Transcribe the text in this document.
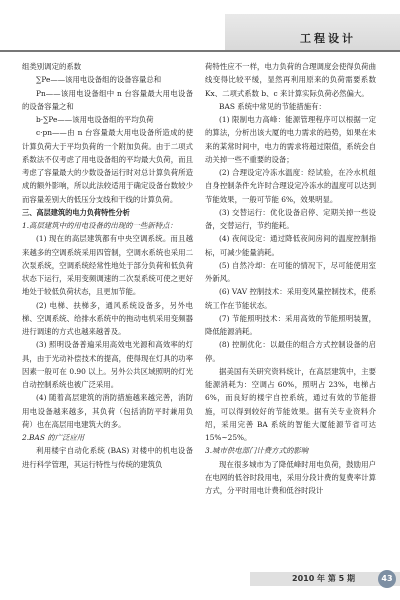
工程设计

组类别调定的系数

∑Pe——该用电设备组的设备容量总和

Pn——该用电设备组中 n 台容量最大用电设备的设备容量之和

b·∑Pe——该用电设备组的平均负荷

c·pn——由 n 台容量最大用电设备所造成的使计算负荷大于平均负荷的一个附加负荷。由于二项式系数法不仅考虑了用电设备组的平均最大负荷，而且考虑了容量最大的少数设备运行时对总计算负荷所造成的额外影响，所以此法较适用于确定设备台数较少而容量差别大的低压分支线和干线的计算负荷。

三、高层建筑的电力负荷特性分析

1.高层建筑中的用电设备的出现的一些新特点：

(1) 现在的高层建筑都有中央空调系统。而且越来越多的空调系统采用四管制，空调水系统也采用二次泵系统，空调系统经常性地处于部分负荷和低负荷状态下运行，采用变频调速的二次泵系统可使之更好地处于较低负荷状态，且更加节能。

(2) 电梯、扶梯多，通风系统设备多，另外电梯、空调系统、给排水系统中的拖动电机采用变频器进行调速的方式也越来越普及。

(3) 照明设备普遍采用高效电光源和高效率的灯具，由于光动补偿技术的提高，使得现在灯具的功率因素一般可在 0.90 以上。另外公共区域照明的灯光自动控制系统也被广泛采用。

(4) 随着高层建筑的消防措施越来越完善，消防用电设备越来越多，其负荷（包括消防平时兼用负荷）也在高层用电建筑大的多。

2.BAS 的广泛应用

利用楼宇自动化系统 (BAS) 对楼中的机电设备进行科学管理，其运行特性与传统的建筑负

荷特性应不一样，电力负荷的合理调度会使得负荷曲线变得比较平缓，显然再利用原来的负荷需要系数 Kx、二项式系数 b、c 来计算实际负荷必然偏大。

BAS 系统中常见的节能措施有：

(1) 限制电力高峰：能源管理程序可以根据一定的算法，分析出该大厦的电力需求的趋势，如果在未来的某常时间中，电力的需求将超过限值，系统会自动关掉一些不重要的设备；

(2) 合理设定冷冻水温度：经试验，在冷水机组自身控制条件允许时合理设定冷冻水的温度可以达到节能效果，一般可节能 6%，效果明显。

(3) 交替运行：优化设备启停、定期关掉一些设备，交替运行，节约能耗。

(4) 夜间设定：通过降低夜间房间的温度控制指标，可减少能量消耗。

(5) 自然冷却：在可能的情况下，尽可能使用室外新风。

(6) VAV 控制技术：采用变风量控制技术，使系统工作在节能状态。

(7) 节能照明技术：采用高效的节能照明装置，降低能源消耗。

(8) 控制优化：以最佳的组合方式控制设备的启停。

据美国有关研究资料统计，在高层建筑中，主要能源消耗为：空调占 60%，照明占 23%，电梯占 6%，而良好的楼宇自控系统，通过有效的节能措施，可以得到较好的节能效果。据有关专业资料介绍，采用完善 BA 系统的智能大厦能源节省可达 15%~25%。

3.城市供电部门计费方式的影响

现在很多城市为了降低峰时用电负荷，鼓励用户在电网的低谷时段用电，采用分段计费的复费率计算方式，分平时用电计费和低谷时段计

2010 年 第 5 期	43
